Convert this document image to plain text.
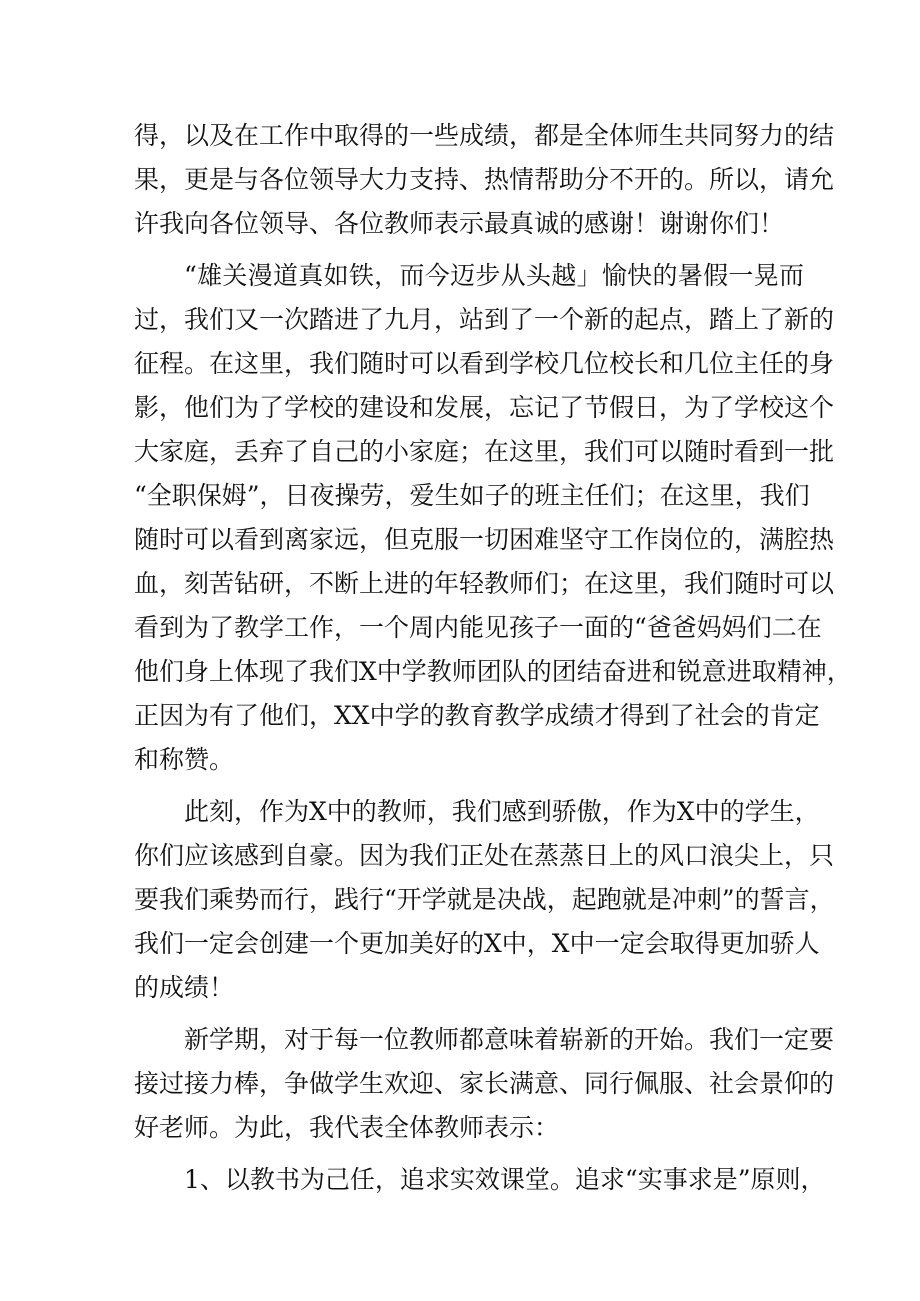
得，以及在工作中取得的一些成绩，都是全体师生共同努力的结
果，更是与各位领导大力支持、热情帮助分不开的。所以，请允
许我向各位领导、各位教师表示最真诚的感谢！谢谢你们！
“雄关漫道真如铁，而今迈步从头越」愉快的暑假一晃而
过，我们又一次踏进了九月，站到了一个新的起点，踏上了新的
征程。在这里，我们随时可以看到学校几位校长和几位主任的身
影，他们为了学校的建设和发展，忘记了节假日，为了学校这个
大家庭，丢弃了自己的小家庭；在这里，我们可以随时看到一批
“全职保姆”，日夜操劳，爱生如子的班主任们；在这里，我们
随时可以看到离家远，但克服一切困难坚守工作岗位的，满腔热
血，刻苦钻研，不断上进的年轻教师们；在这里，我们随时可以
看到为了教学工作，一个周内能见孩子一面的“爸爸妈妈们二在
他们身上体现了我们X中学教师团队的团结奋进和锐意进取精神，
正因为有了他们，XX中学的教育教学成绩才得到了社会的肯定
和称赞。
此刻，作为X中的教师，我们感到骄傲，作为X中的学生，
你们应该感到自豪。因为我们正处在蒸蒸日上的风口浪尖上，只
要我们乘势而行，践行“开学就是决战，起跑就是冲刺”的誓言，
我们一定会创建一个更加美好的X中，X中一定会取得更加骄人
的成绩！
新学期，对于每一位教师都意味着崭新的开始。我们一定要
接过接力棒，争做学生欢迎、家长满意、同行佩服、社会景仰的
好老师。为此，我代表全体教师表示：
1、以教书为己任，追求实效课堂。追求“实事求是”原则，
